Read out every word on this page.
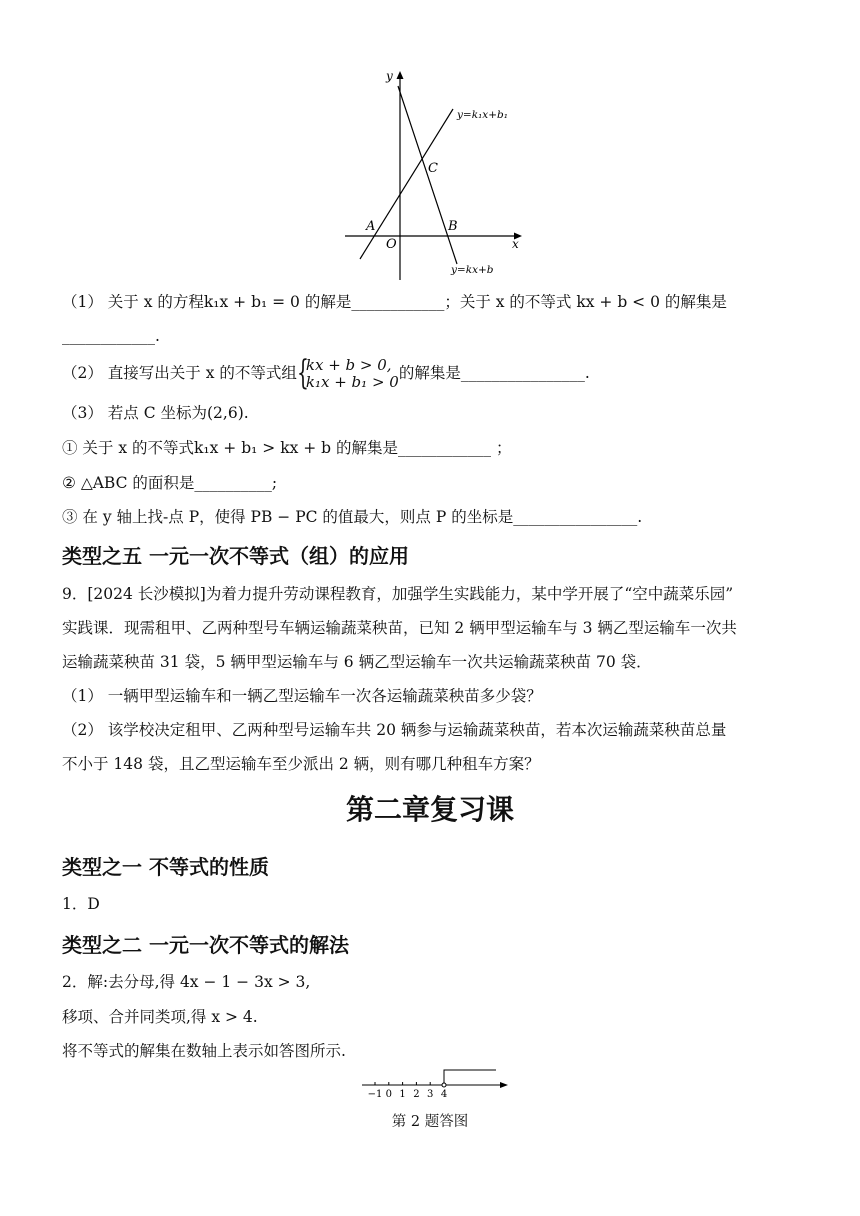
y
x
O
A	B
C
y=k₁x+b₁
y=kx+b
（1） 关于 x 的方程k₁x + b₁ = 0 的解是____________；关于 x 的不等式 kx + b < 0 的解集是
____________.
（2） 直接写出关于 x 的不等式组 {
kx + b > 0,
k₁x + b₁ > 0 的解集是________________.
（3） 若点 C 坐标为(2,6).
① 关于 x 的不等式k₁x + b₁ > kx + b 的解集是____________ ；
② △ABC 的面积是__________;
③ 在 y 轴上找-点 P，使得 PB − PC 的值最大，则点 P 的坐标是________________.
类型之五 一元一次不等式（组）的应用
9．[2024 长沙模拟]为着力提升劳动课程教育，加强学生实践能力，某中学开展了“空中蔬菜乐园”
实践课．现需租甲、乙两种型号车辆运输蔬菜秧苗，已知 2 辆甲型运输车与 3 辆乙型运输车一次共
运输蔬菜秧苗 31 袋，5 辆甲型运输车与 6 辆乙型运输车一次共运输蔬菜秧苗 70 袋．
（1） 一辆甲型运输车和一辆乙型运输车一次各运输蔬菜秧苗多少袋？
（2） 该学校决定租甲、乙两种型号运输车共 20 辆参与运输蔬菜秧苗，若本次运输蔬菜秧苗总量
不小于 148 袋，且乙型运输车至少派出 2 辆，则有哪几种租车方案？
第二章复习课
类型之一 不等式的性质
1．D
类型之二 一元一次不等式的解法
2．解:去分母,得 4x − 1 − 3x > 3,
移项、合并同类项,得 x > 4.
将不等式的解集在数轴上表示如答图所示.
−1 0 1 2 3 4
第 2 题答图
